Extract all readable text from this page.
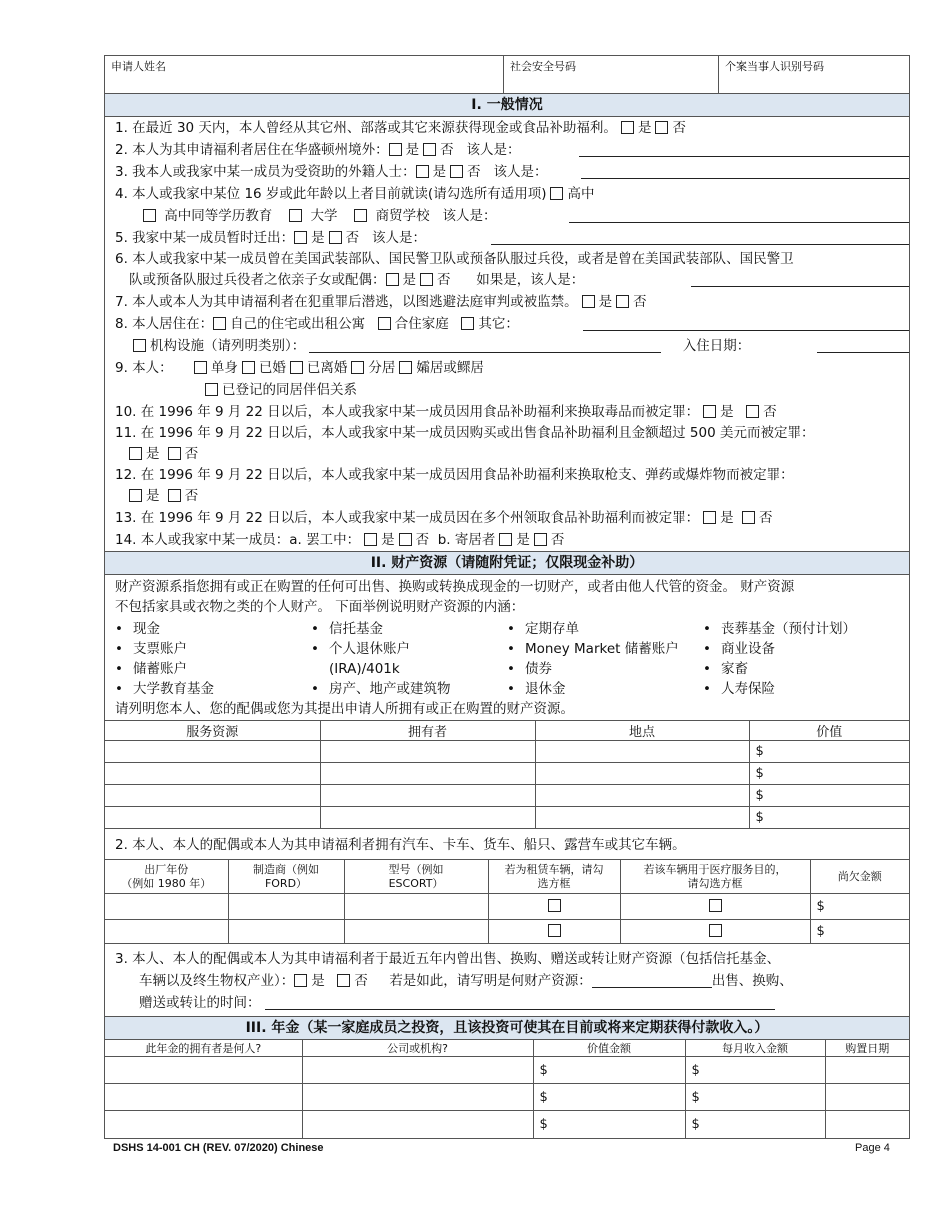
申请人姓名	社会安全号码	个案当事人识别号码
I. 一般情况
1. 在最近 30 天内，本人曾经从其它州、部落或其它来源获得现金或食品补助福利。 是 否
2. 本人为其申请福利者居住在华盛顿州境外： 是 否 该人是：
3. 我本人或我家中某一成员为受资助的外籍人士： 是 否 该人是：
4. 本人或我家中某位 16 岁或此年龄以上者目前就读(请勾选所有适用项) 高中
高中同等学历教育	大学	商贸学校 该人是：
5. 我家中某一成员暂时迁出： 是 否 该人是：
6. 本人或我家中某一成员曾在美国武装部队、国民警卫队或预备队服过兵役，或者是曾在美国武装部队、国民警卫
队或预备队服过兵役者之依亲子女或配偶： 是 否 如果是，该人是：
7. 本人或本人为其申请福利者在犯重罪后潜逃，以图逃避法庭审判或被监禁。 是 否
8. 本人居住在： 自己的住宅或出租公寓 合住家庭 其它：
机构设施（请列明类别）：	入住日期：
9. 本人：	单身 已婚 已离婚 分居 孀居或鳏居
已登记的同居伴侣关系
10. 在 1996 年 9 月 22 日以后，本人或我家中某一成员因用食品补助福利来换取毒品而被定罪： 是 否
11. 在 1996 年 9 月 22 日以后，本人或我家中某一成员因购买或出售食品补助福利且金额超过 500 美元而被定罪：
是 否
12. 在 1996 年 9 月 22 日以后，本人或我家中某一成员因用食品补助福利来换取枪支、弹药或爆炸物而被定罪：
是 否
13. 在 1996 年 9 月 22 日以后，本人或我家中某一成员因在多个州领取食品补助福利而被定罪： 是 否
14. 本人或我家中某一成员：a. 罢工中： 是 否 b. 寄居者 是 否
II. 财产资源（请随附凭证；仅限现金补助）
财产资源系指您拥有或正在购置的任何可出售、换购或转换成现金的一切财产，或者由他人代管的资金。 财产资源
不包括家具或衣物之类的个人财产。 下面举例说明财产资源的内涵：
• 现金
• 支票账户
• 储蓄账户
• 大学教育基金
• 信托基金
• 个人退休账户
(IRA)/401k
• 房产、地产或建筑物
• 定期存单
• Money Market 储蓄账户
• 债券
• 退休金
• 丧葬基金（预付计划）
• 商业设备
• 家畜
• 人寿保险
请列明您本人、您的配偶或您为其提出申请人所拥有或正在购置的财产资源。
服务资源	拥有者	地点	价值
			$
			$
			$
			$
2. 本人、本人的配偶或本人为其申请福利者拥有汽车、卡车、货车、船只、露营车或其它车辆。
出厂年份
（例如 1980 年）	制造商（例如
FORD）	型号（例如
ESCORT）	若为租赁车辆，请勾
选方框	若该车辆用于医疗服务目的，
请勾选方框	尚欠金额
					$
					$
3. 本人、本人的配偶或本人为其申请福利者于最近五年内曾出售、换购、赠送或转让财产资源（包括信托基金、
车辆以及终生物权产业）： 是 否 若是如此，请写明是何财产资源：	出售、换购、
赠送或转让的时间：
III. 年金（某一家庭成员之投资，且该投资可使其在目前或将来定期获得付款收入。）
此年金的拥有者是何人?	公司或机构?	价值金额	每月收入金额	购置日期
		$	$	
		$	$	
		$	$	
DSHS 14-001 CH (REV. 07/2020) Chinese	Page 4
